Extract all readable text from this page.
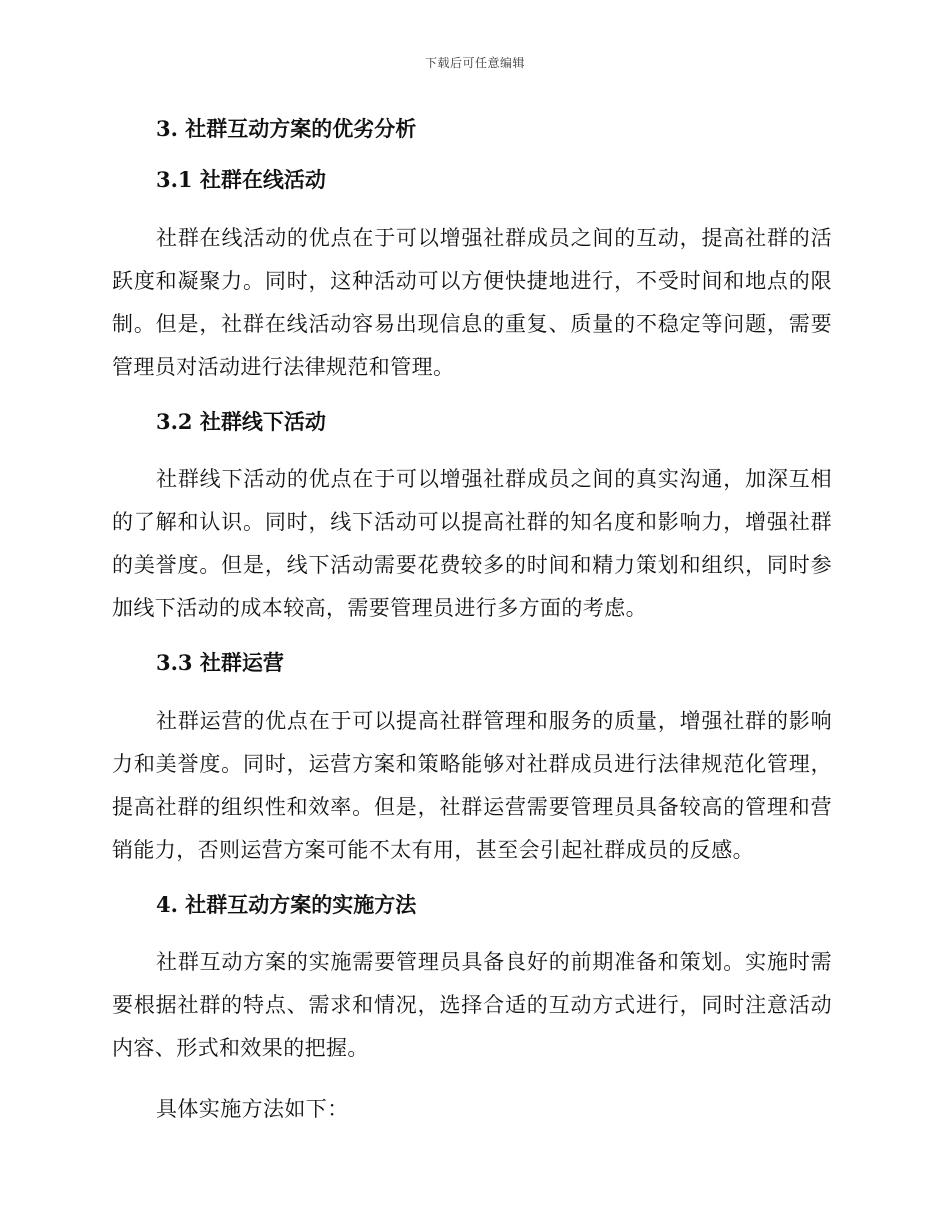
下载后可任意编辑

3. 社群互动方案的优劣分析

3.1 社群在线活动

社群在线活动的优点在于可以增强社群成员之间的互动，提高社群的活跃度和凝聚力。同时，这种活动可以方便快捷地进行，不受时间和地点的限制。但是，社群在线活动容易出现信息的重复、质量的不稳定等问题，需要管理员对活动进行法律规范和管理。

3.2 社群线下活动

社群线下活动的优点在于可以增强社群成员之间的真实沟通，加深互相的了解和认识。同时，线下活动可以提高社群的知名度和影响力，增强社群的美誉度。但是，线下活动需要花费较多的时间和精力策划和组织，同时参加线下活动的成本较高，需要管理员进行多方面的考虑。

3.3 社群运营

社群运营的优点在于可以提高社群管理和服务的质量，增强社群的影响力和美誉度。同时，运营方案和策略能够对社群成员进行法律规范化管理，提高社群的组织性和效率。但是，社群运营需要管理员具备较高的管理和营销能力，否则运营方案可能不太有用，甚至会引起社群成员的反感。

4. 社群互动方案的实施方法

社群互动方案的实施需要管理员具备良好的前期准备和策划。实施时需要根据社群的特点、需求和情况，选择合适的互动方式进行，同时注意活动内容、形式和效果的把握。

具体实施方法如下：
